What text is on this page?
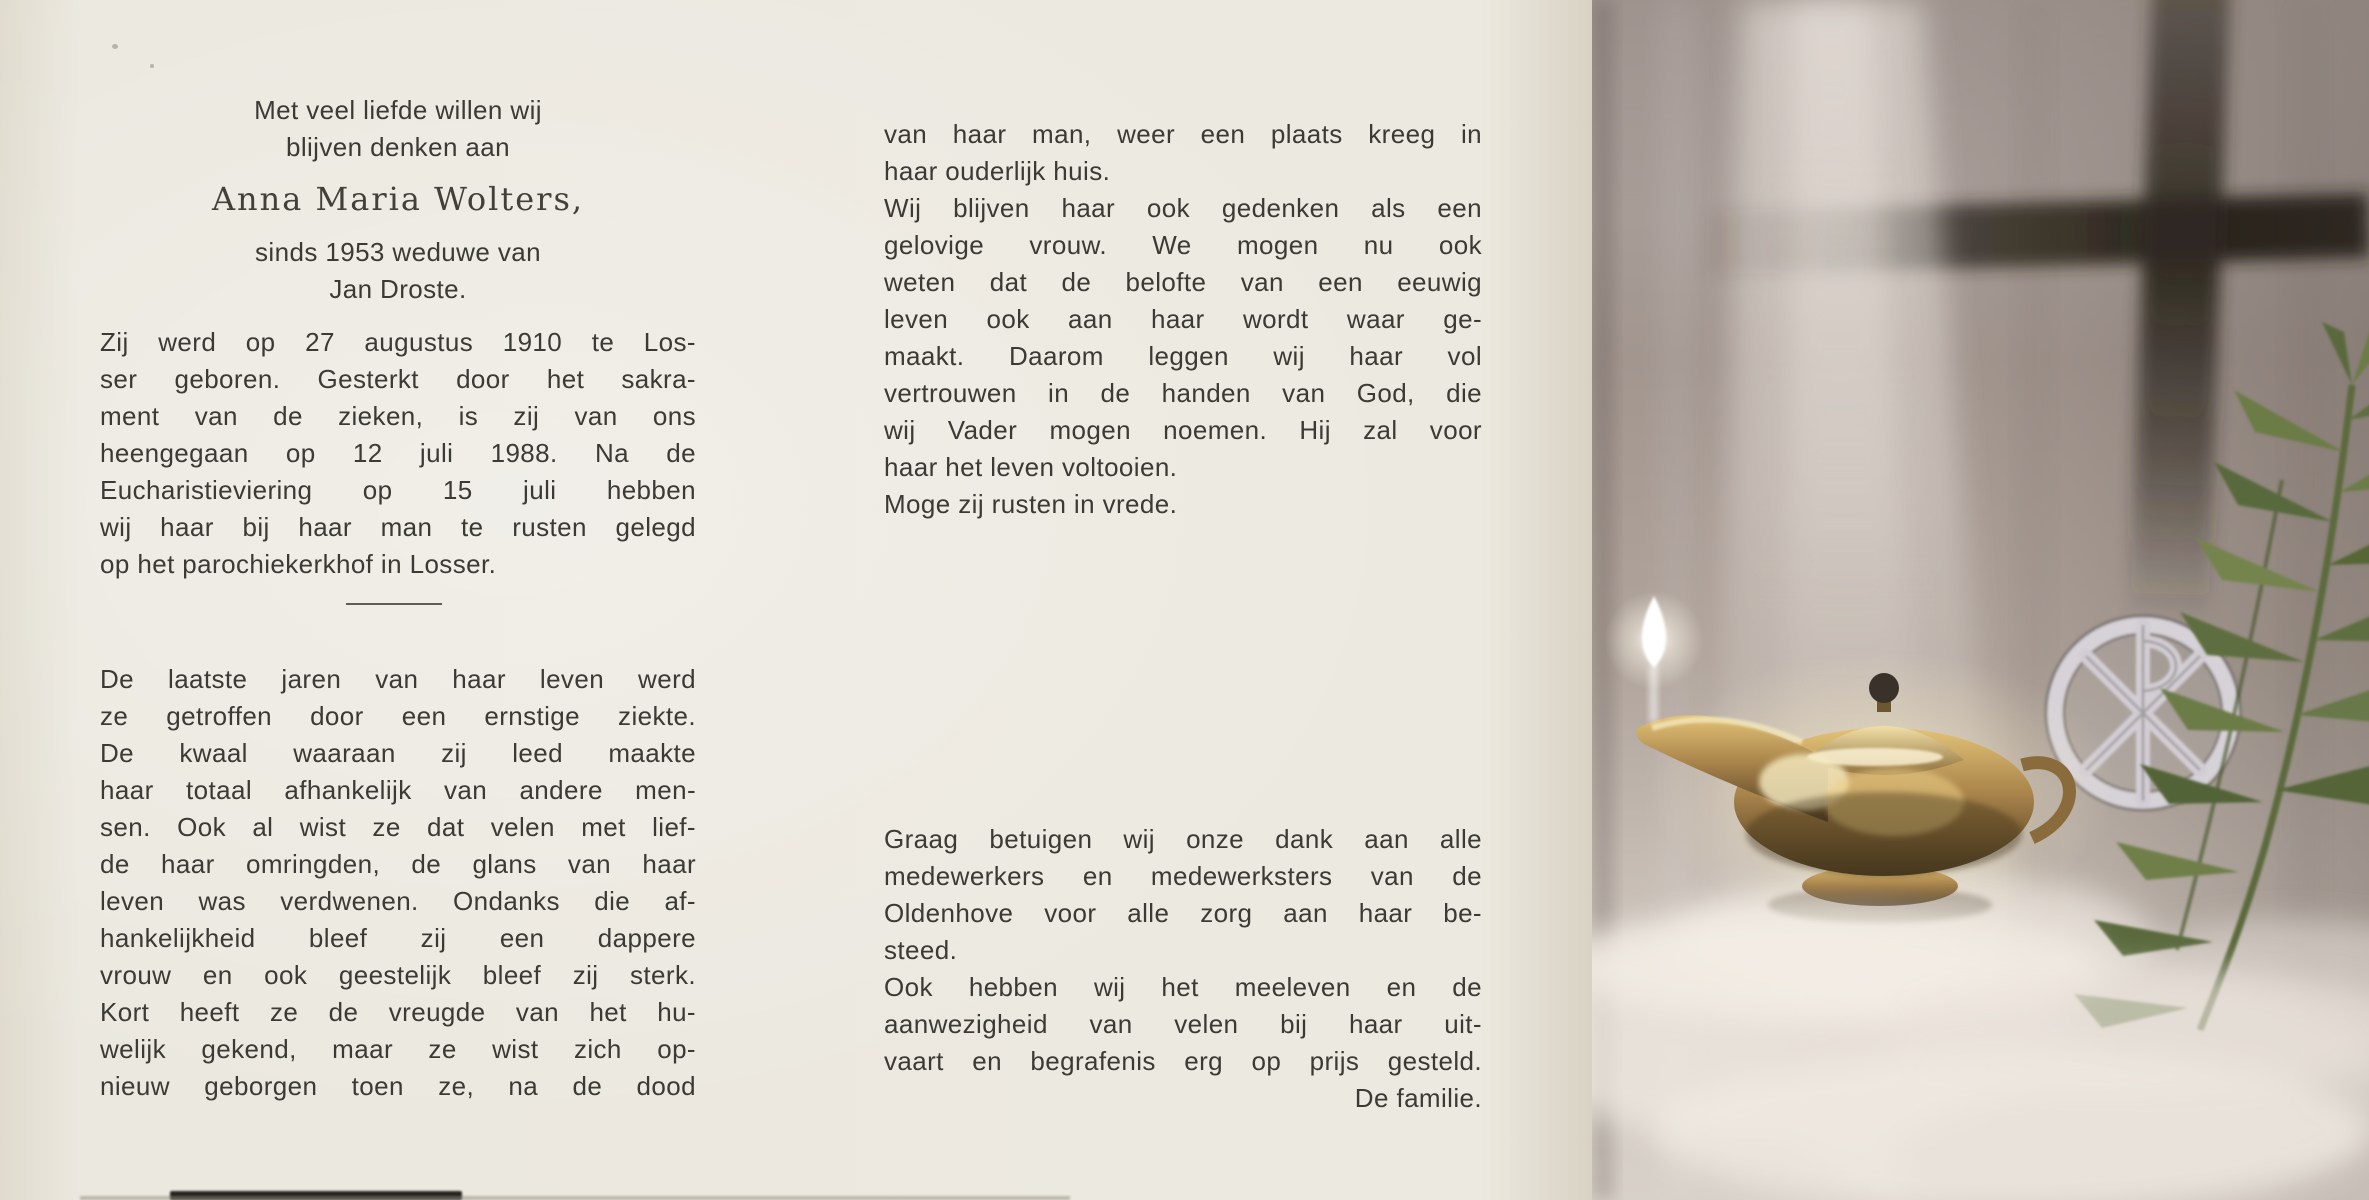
Met veel liefde willen wij
blijven denken aan
Anna Maria Wolters,
sinds 1953 weduwe van
Jan Droste.
Zij werd op 27 augustus 1910 te Los-
ser geboren. Gesterkt door het sakra-
ment van de zieken, is zij van ons
heengegaan op 12 juli 1988. Na de
Eucharistieviering op 15 juli hebben
wij haar bij haar man te rusten gelegd
op het parochiekerkhof in Losser.
De laatste jaren van haar leven werd
ze getroffen door een ernstige ziekte.
De kwaal waaraan zij leed maakte
haar totaal afhankelijk van andere men-
sen. Ook al wist ze dat velen met lief-
de haar omringden, de glans van haar
leven was verdwenen. Ondanks die af-
hankelijkheid bleef zij een dappere
vrouw en ook geestelijk bleef zij sterk.
Kort heeft ze de vreugde van het hu-
welijk gekend, maar ze wist zich op-
nieuw geborgen toen ze, na de dood
van haar man, weer een plaats kreeg in
haar ouderlijk huis.
Wij blijven haar ook gedenken als een
gelovige vrouw. We mogen nu ook
weten dat de belofte van een eeuwig
leven ook aan haar wordt waar ge-
maakt. Daarom leggen wij haar vol
vertrouwen in de handen van God, die
wij Vader mogen noemen. Hij zal voor
haar het leven voltooien.
Moge zij rusten in vrede.
Graag betuigen wij onze dank aan alle
medewerkers en medewerksters van de
Oldenhove voor alle zorg aan haar be-
steed.
Ook hebben wij het meeleven en de
aanwezigheid van velen bij haar uit-
vaart en begrafenis erg op prijs gesteld.
De familie.
